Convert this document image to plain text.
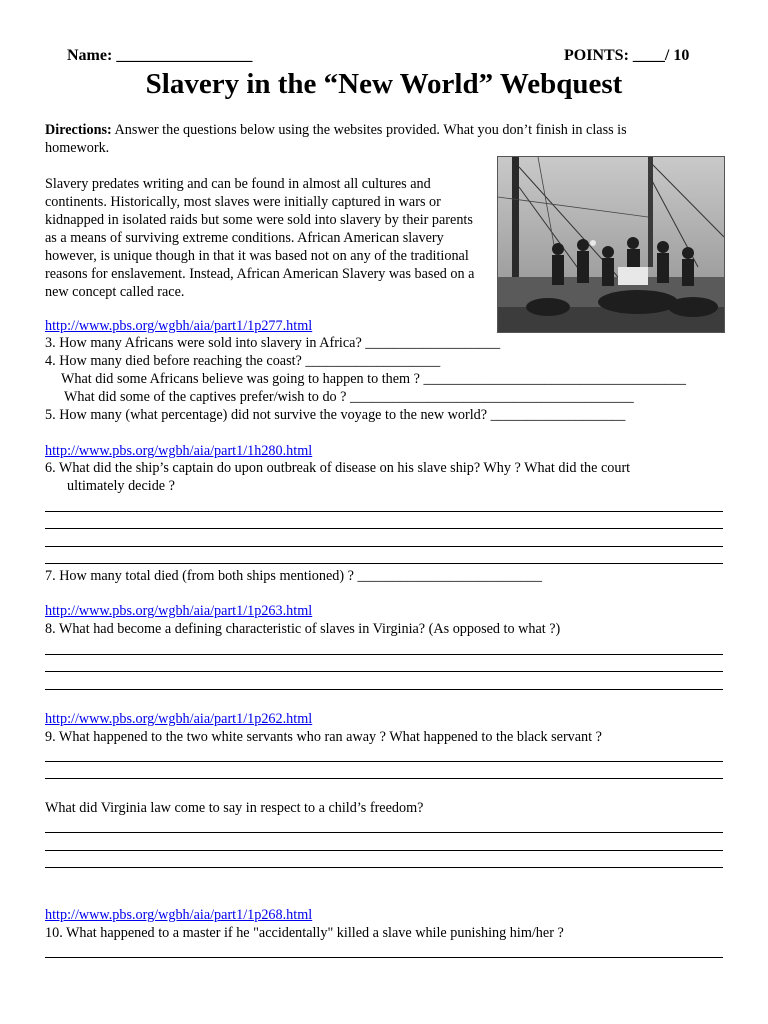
Name: _________________	POINTS: ____/ 10
Slavery in the “New World” Webquest
Directions: Answer the questions below using the websites provided. What you don’t finish in class is homework.
Slavery predates writing and can be found in almost all cultures and continents. Historically, most slaves were initially captured in wars or kidnapped in isolated raids but some were sold into slavery by their parents as a means of surviving extreme conditions. African American slavery however, is unique though in that it was based not on any of the traditional reasons for enslavement. Instead, African American Slavery was based on a new concept called race.
http://www.pbs.org/wgbh/aia/part1/1p277.html
3. How many Africans were sold into slavery in Africa? ___________________
4. How many died before reaching the coast? ___________________
What did some Africans believe was going to happen to them ? _____________________________________
What did some of the captives prefer/wish to do ? ________________________________________
5. How many (what percentage) did not survive the voyage to the new world? ___________________
http://www.pbs.org/wgbh/aia/part1/1h280.html
6. What did the ship’s captain do upon outbreak of disease on his slave ship? Why ? What did the court
ultimately decide ?
7. How many total died (from both ships mentioned) ? __________________________
http://www.pbs.org/wgbh/aia/part1/1p263.html
8. What had become a defining characteristic of slaves in Virginia? (As opposed to what ?)
http://www.pbs.org/wgbh/aia/part1/1p262.html
9. What happened to the two white servants who ran away ? What happened to the black servant ?
What did Virginia law come to say in respect to a child’s freedom?
http://www.pbs.org/wgbh/aia/part1/1p268.html
10. What happened to a master if he "accidentally" killed a slave while punishing him/her ?
